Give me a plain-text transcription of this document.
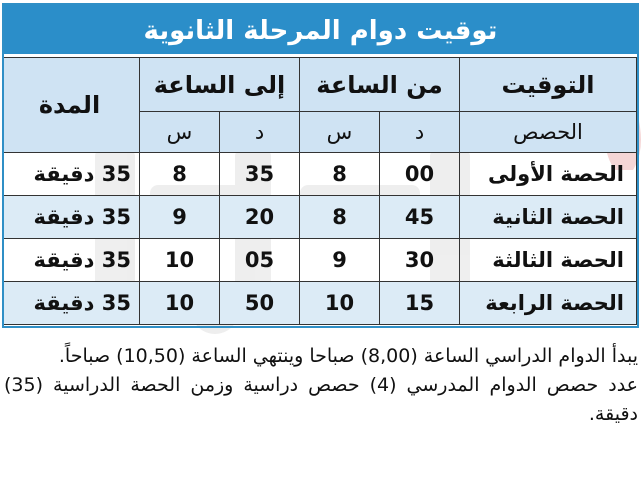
توقيت دوام المرحلة الثانوية
التوقيت	من الساعة		إلى الساعة		المدة
الحصص	د	س	د	س	
الحصة الأولى	00	8	35	8	35 دقيقة
الحصة الثانية	45	8	20	9	35 دقيقة
الحصة الثالثة	30	9	05	10	35 دقيقة
الحصة الرابعة	15	10	50	10	35 دقيقة

يبدأ الدوام الدراسي الساعة (8,00) صباحا وينتهي الساعة (10,50) صباحاً.

عدد حصص الدوام المدرسي (4) حصص دراسية وزمن الحصة الدراسية (35) دقيقة.
